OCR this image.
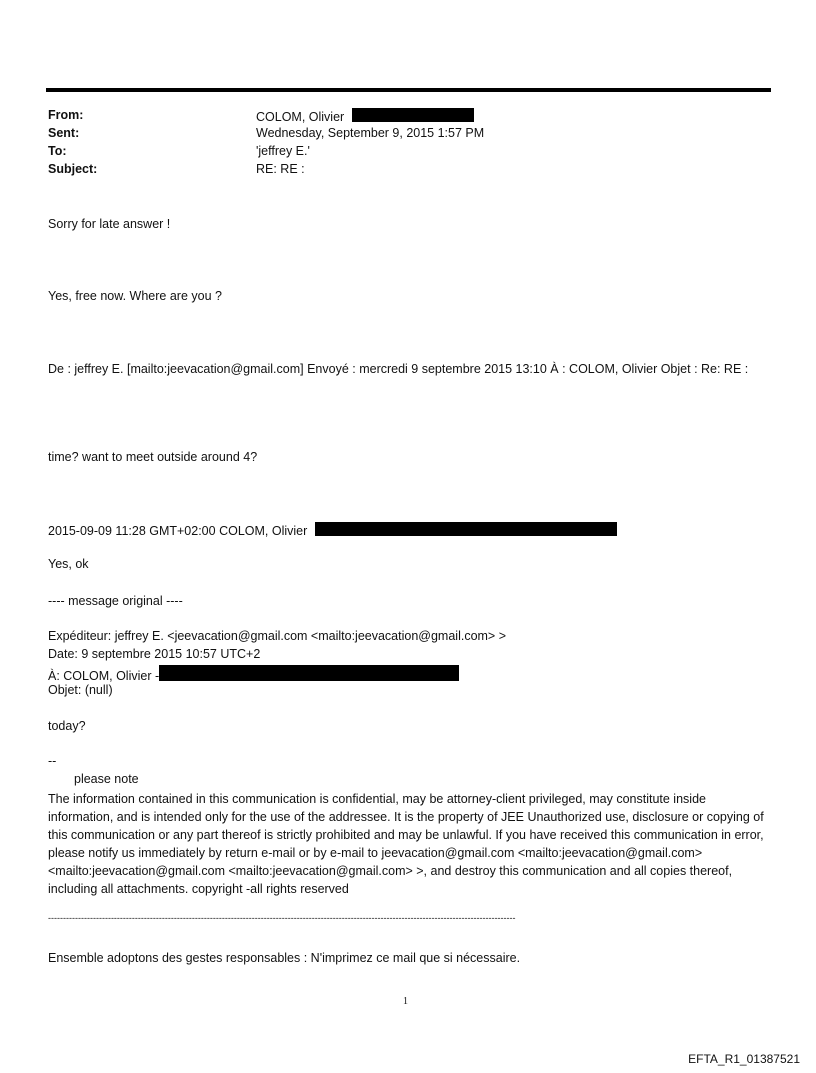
From:	COLOM, Olivier
Sent:	Wednesday, September 9, 2015 1:57 PM
To:	'jeffrey E.'
Subject:	RE: RE :
Sorry for late answer !
Yes, free now. Where are you ?
De : jeffrey E. [mailto:jeevacation@gmail.com] Envoyé : mercredi 9 septembre 2015 13:10 À : COLOM, Olivier Objet : Re: RE :
time? want to meet outside around 4?
2015-09-09 11:28 GMT+02:00 COLOM, Olivier
Yes, ok
---- message original ----
Expéditeur: jeffrey E. <jeevacation@gmail.com <mailto:jeevacation@gmail.com> >
Date: 9 septembre 2015 10:57 UTC+2
À: COLOM, Olivier -
Objet: (null)
today?
--
please note
The information contained in this communication is confidential, may be attorney-client privileged, may constitute inside information, and is intended only for the use of the addressee. It is the property of JEE Unauthorized use, disclosure or copying of this communication or any part thereof is strictly prohibited and may be unlawful. If you have received this communication in error, please notify us immediately by return e-mail or by e-mail to jeevacation@gmail.com <mailto:jeevacation@gmail.com> <mailto:jeevacation@gmail.com <mailto:jeevacation@gmail.com> >, and destroy this communication and all copies thereof, including all attachments. copyright -all rights reserved
------------------------------------------------------------------------------------------------------------------------------------------------------------
Ensemble adoptons des gestes responsables : N'imprimez ce mail que si nécessaire.
1
EFTA_R1_01387521
